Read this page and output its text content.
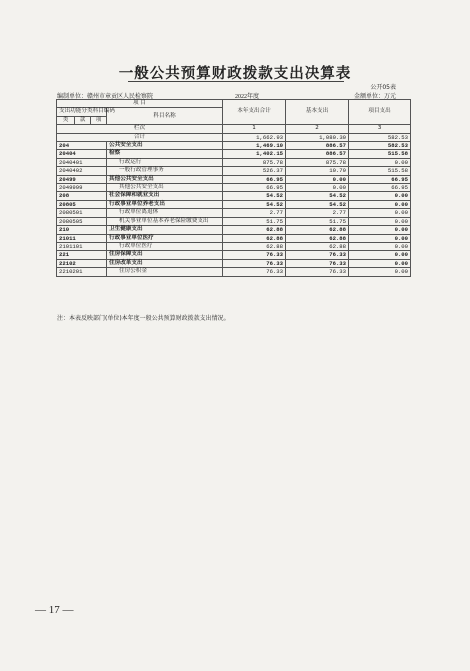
一般公共预算财政拨款支出决算表
公开05表
编制单位：赣州市章贡区人民检察院	2022年度	金额单位：万元
项 目				本年支出合计	基本支出	项目支出
支出功能分类科目编码			科目名称			
类	款	项				
栏次				1	2	3
合计				1,662.93	1,080.30	582.53
204			公共安全支出	1,469.10	886.57	582.53
20404			检察	1,402.15	886.57	515.58
2040401			行政运行	875.78	875.78	0.00
2040402			一般行政管理事务	526.37	10.79	515.58
20499			其他公共安全支出	66.95	0.00	66.95
2049999			其他公共安全支出	66.95	0.00	66.95
208			社会保障和就业支出	54.52	54.52	0.00
20805			行政事业单位养老支出	54.52	54.52	0.00
2080501			行政单位离退休	2.77	2.77	0.00
2080505			机关事业单位基本养老保险缴费支出	51.75	51.75	0.00
210			卫生健康支出	62.88	62.88	0.00
21011			行政事业单位医疗	62.88	62.88	0.00
2101101			行政单位医疗	62.88	62.88	0.00
221			住房保障支出	76.33	76.33	0.00
22102			住房改革支出	76.33	76.33	0.00
2210201			住房公积金	76.33	76.33	0.00
注：本表反映部门(单位)本年度一般公共预算财政拨款支出情况。
— 17 —
